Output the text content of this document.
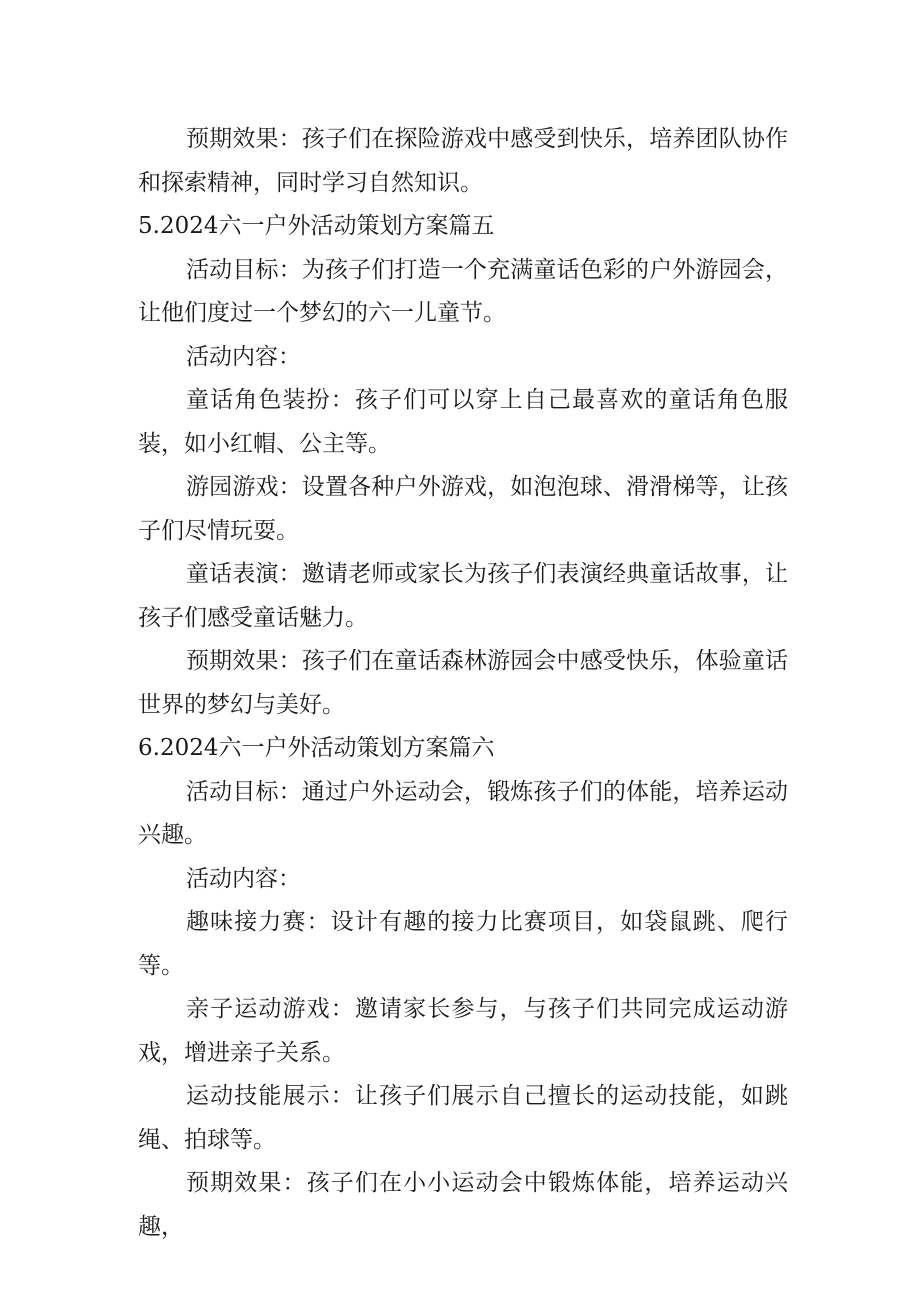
预期效果：孩子们在探险游戏中感受到快乐，培养团队协作和探索精神，同时学习自然知识。

5.2024六一户外活动策划方案篇五

活动目标：为孩子们打造一个充满童话色彩的户外游园会，让他们度过一个梦幻的六一儿童节。

活动内容：

童话角色装扮：孩子们可以穿上自己最喜欢的童话角色服装，如小红帽、公主等。

游园游戏：设置各种户外游戏，如泡泡球、滑滑梯等，让孩子们尽情玩耍。

童话表演：邀请老师或家长为孩子们表演经典童话故事，让孩子们感受童话魅力。

预期效果：孩子们在童话森林游园会中感受快乐，体验童话世界的梦幻与美好。

6.2024六一户外活动策划方案篇六

活动目标：通过户外运动会，锻炼孩子们的体能，培养运动兴趣。

活动内容：

趣味接力赛：设计有趣的接力比赛项目，如袋鼠跳、爬行等。

亲子运动游戏：邀请家长参与，与孩子们共同完成运动游戏，增进亲子关系。

运动技能展示：让孩子们展示自己擅长的运动技能，如跳绳、拍球等。

预期效果：孩子们在小小运动会中锻炼体能，培养运动兴趣，
